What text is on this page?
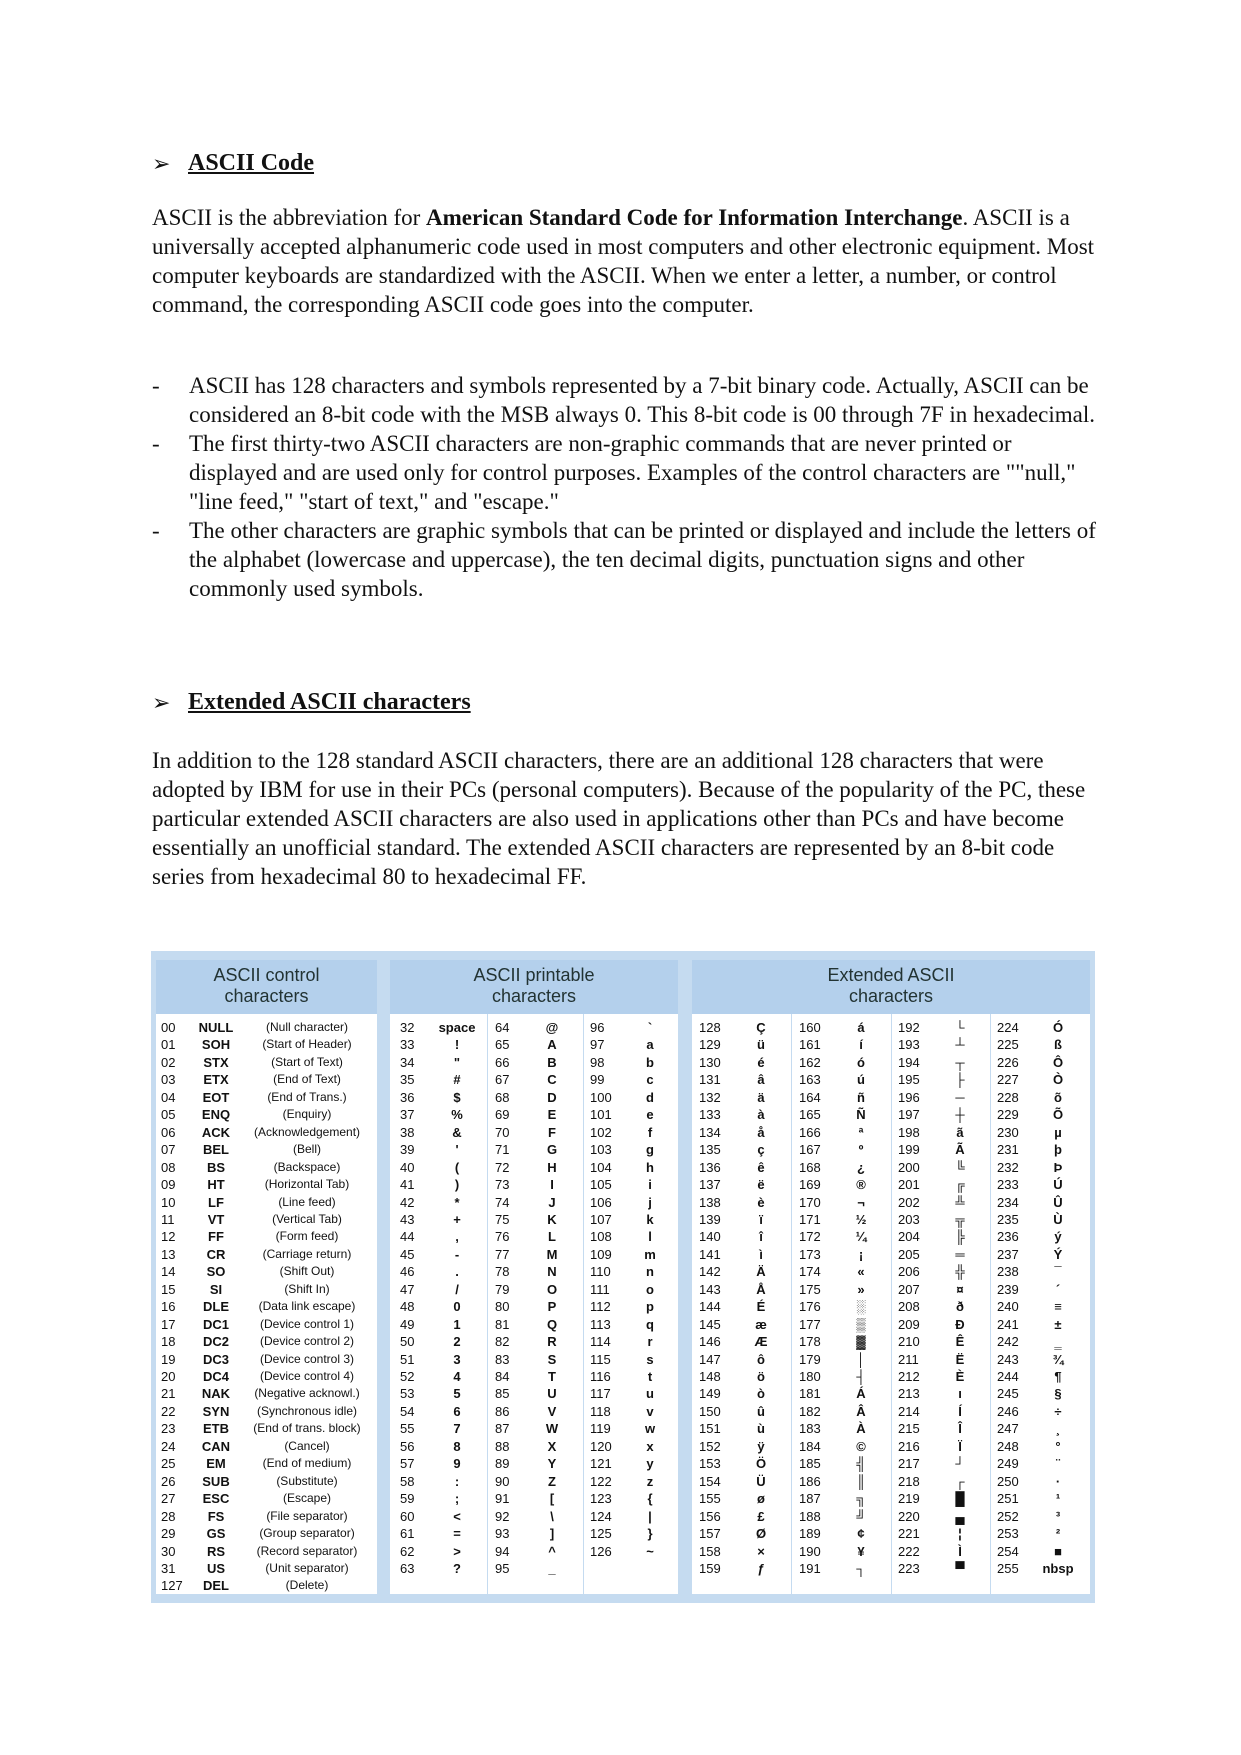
➢ ASCII Code

ASCII is the abbreviation for American Standard Code for Information Interchange. ASCII is a universally accepted alphanumeric code used in most computers and other electronic equipment. Most computer keyboards are standardized with the ASCII. When we enter a letter, a number, or control command, the corresponding ASCII code goes into the computer.

- ASCII has 128 characters and symbols represented by a 7-bit binary code. Actually, ASCII can be considered an 8-bit code with the MSB always 0. This 8-bit code is 00 through 7F in hexadecimal.
- The first thirty-two ASCII characters are non-graphic commands that are never printed or displayed and are used only for control purposes. Examples of the control characters are ""null," "line feed," "start of text," and "escape."
- The other characters are graphic symbols that can be printed or displayed and include the letters of the alphabet (lowercase and uppercase), the ten decimal digits, punctuation signs and other commonly used symbols.
➢ Extended ASCII characters

In addition to the 128 standard ASCII characters, there are an additional 128 characters that were adopted by IBM for use in their PCs (personal computers). Because of the popularity of the PC, these particular extended ASCII characters are also used in applications other than PCs and have become essentially an unofficial standard. The extended ASCII characters are represented by an 8-bit code series from hexadecimal 80 to hexadecimal FF.

ASCII control
characters
00
01
02
03
04
05
06
07
08
09
10
11
12
13
14
15
16
17
18
19
20
21
22
23
24
25
26
27
28
29
30
31
127
NULL
SOH
STX
ETX
EOT
ENQ
ACK
BEL
BS
HT
LF
VT
FF
CR
SO
SI
DLE
DC1
DC2
DC3
DC4
NAK
SYN
ETB
CAN
EM
SUB
ESC
FS
GS
RS
US
DEL
(Null character)
(Start of Header)
(Start of Text)
(End of Text)
(End of Trans.)
(Enquiry)
(Acknowledgement)
(Bell)
(Backspace)
(Horizontal Tab)
(Line feed)
(Vertical Tab)
(Form feed)
(Carriage return)
(Shift Out)
(Shift In)
(Data link escape)
(Device control 1)
(Device control 2)
(Device control 3)
(Device control 4)
(Negative acknowl.)
(Synchronous idle)
(End of trans. block)
(Cancel)
(End of medium)
(Substitute)
(Escape)
(File separator)
(Group separator)
(Record separator)
(Unit separator)
(Delete)
ASCII printable
characters
32
33
34
35
36
37
38
39
40
41
42
43
44
45
46
47
48
49
50
51
52
53
54
55
56
57
58
59
60
61
62
63
space
!
"
#
$
%
&
'
(
)
*
+
,
-
.
/
0
1
2
3
4
5
6
7
8
9
:
;
<
=
>
?
64
65
66
67
68
69
70
71
72
73
74
75
76
77
78
79
80
81
82
83
84
85
86
87
88
89
90
91
92
93
94
95
@
A
B
C
D
E
F
G
H
I
J
K
L
M
N
O
P
Q
R
S
T
U
V
W
X
Y
Z
[
\
]
^
_
96
97
98
99
100
101
102
103
104
105
106
107
108
109
110
111
112
113
114
115
116
117
118
119
120
121
122
123
124
125
126
`
a
b
c
d
e
f
g
h
i
j
k
l
m
n
o
p
q
r
s
t
u
v
w
x
y
z
{
|
}
~
Extended ASCII
characters
128
129
130
131
132
133
134
135
136
137
138
139
140
141
142
143
144
145
146
147
148
149
150
151
152
153
154
155
156
157
158
159
Ç
ü
é
â
ä
à
å
ç
ê
ë
è
ï
î
ì
Ä
Å
É
æ
Æ
ô
ö
ò
û
ù
ÿ
Ö
Ü
ø
£
Ø
×
ƒ
160
161
162
163
164
165
166
167
168
169
170
171
172
173
174
175
176
177
178
179
180
181
182
183
184
185
186
187
188
189
190
191
á
í
ó
ú
ñ
Ñ
ª
º
¿
®
¬
½
¼
¡
«
»
░
▒
▓
│
┤
Á
Â
À
©
╣
║
╗
╝
¢
¥
┐
192
193
194
195
196
197
198
199
200
201
202
203
204
205
206
207
208
209
210
211
212
213
214
215
216
217
218
219
220
221
222
223
└
┴
┬
├
─
┼
ã
Ã
╚
╔
╩
╦
╠
═
╬
¤
ð
Ð
Ê
Ë
È
ı
Í
Î
Ï
┘
┌
█
▄
¦
Ì
▀
224
225
226
227
228
229
230
231
232
233
234
235
236
237
238
239
240
241
242
243
244
245
246
247
248
249
250
251
252
253
254
255
Ó
ß
Ô
Ò
õ
Õ
µ
þ
Þ
Ú
Û
Ù
ý
Ý
¯
´
≡
±
‗
¾
¶
§
÷
¸
°
¨
·
¹
³
²
■
nbsp
